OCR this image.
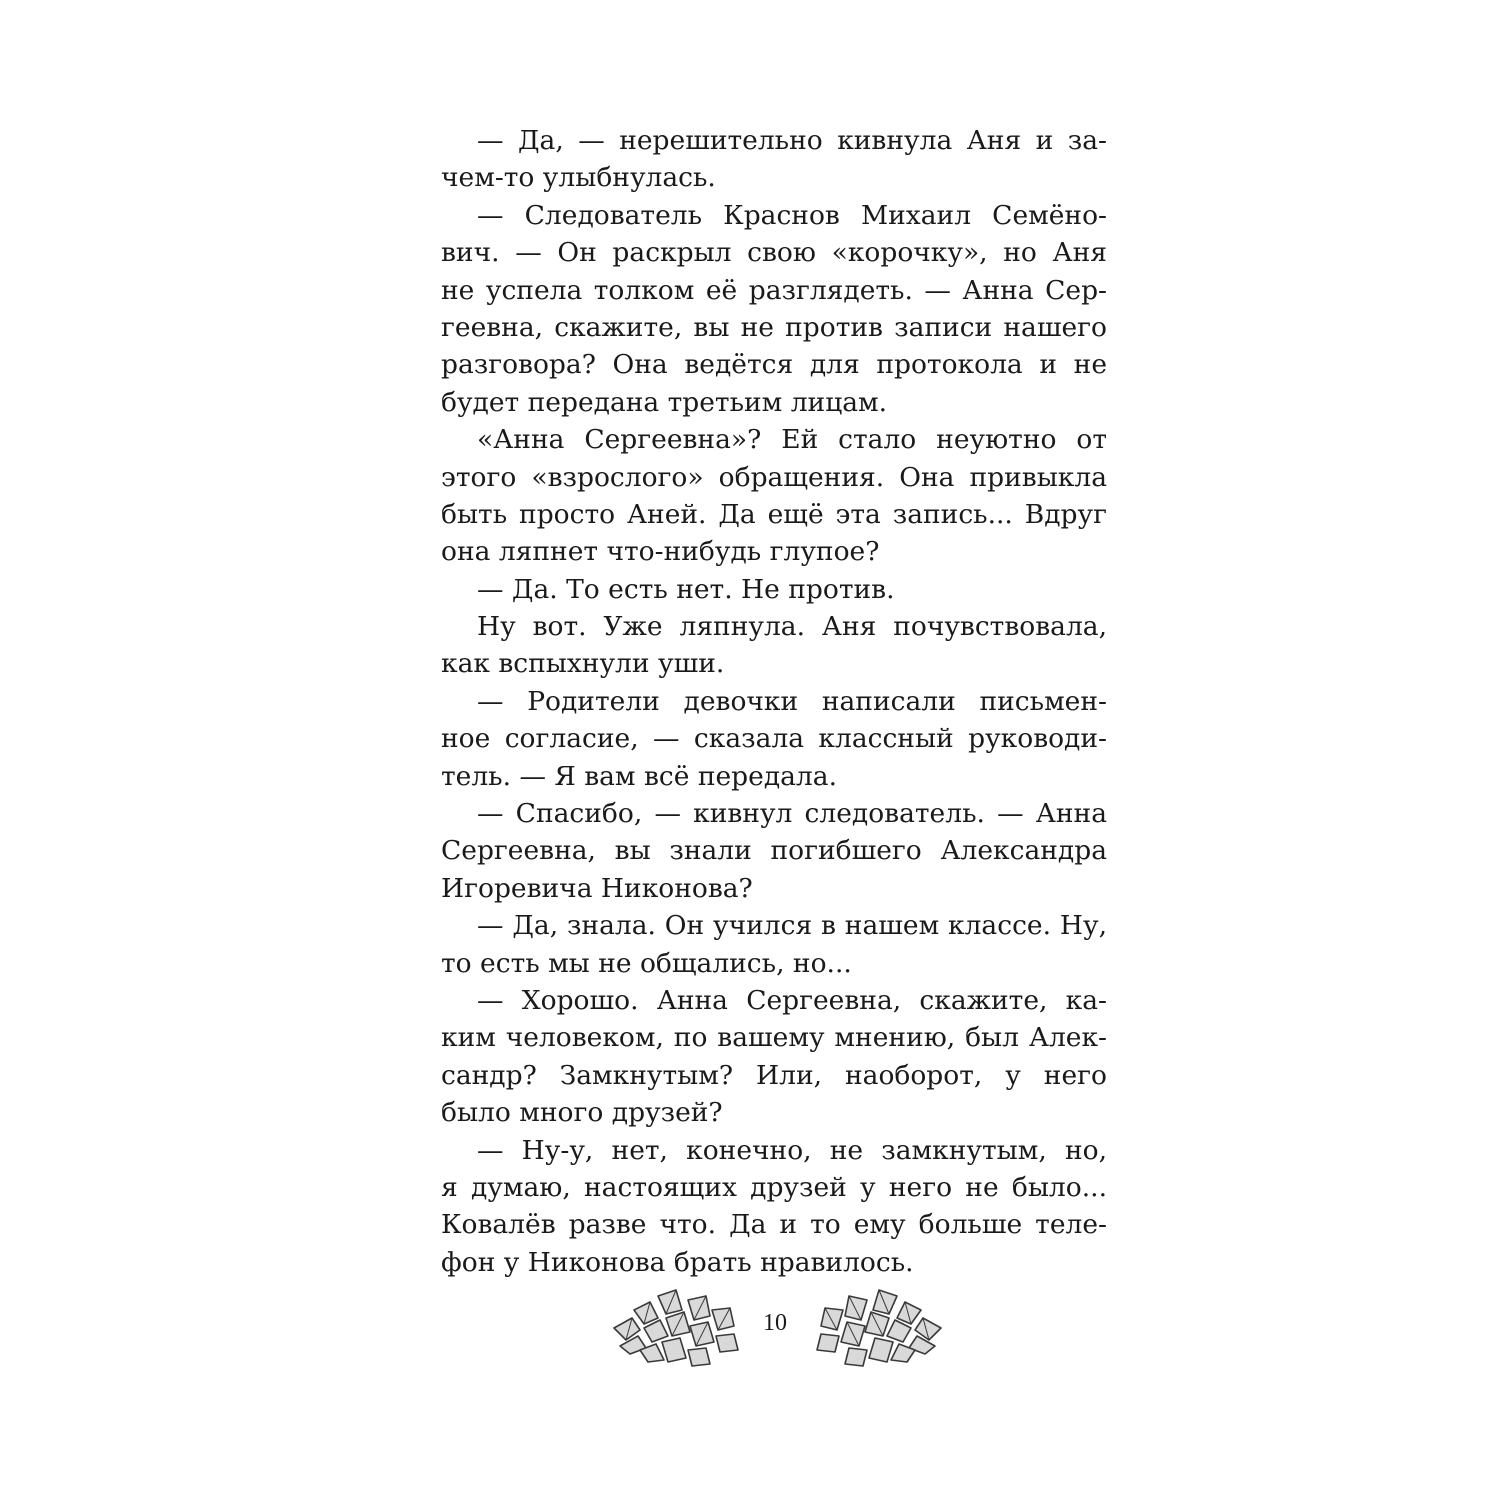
— Да, — нерешительно кивнула Аня и за-
чем-то улыбнулась.
— Следователь Краснов Михаил Семёно-
вич. — Он раскрыл свою «корочку», но Аня
не успела толком её разглядеть. — Анна Сер-
геевна, скажите, вы не против записи нашего
разговора? Она ведётся для протокола и не
будет передана третьим лицам.
«Анна Сергеевна»? Ей стало неуютно от
этого «взрослого» обращения. Она привыкла
быть просто Аней. Да ещё эта запись... Вдруг
она ляпнет что-нибудь глупое?
— Да. То есть нет. Не против.
Ну вот. Уже ляпнула. Аня почувствовала,
как вспыхнули уши.
— Родители девочки написали письмен-
ное согласие, — сказала классный руководи-
тель. — Я вам всё передала.
— Спасибо, — кивнул следователь. — Анна
Сергеевна, вы знали погибшего Александра
Игоревича Никонова?
— Да, знала. Он учился в нашем классе. Ну,
то есть мы не общались, но...
— Хорошо. Анна Сергеевна, скажите, ка-
ким человеком, по вашему мнению, был Алек-
сандр? Замкнутым? Или, наоборот, у него
было много друзей?
— Ну-у, нет, конечно, не замкнутым, но,
я думаю, настоящих друзей у него не было...
Ковалёв разве что. Да и то ему больше теле-
фон у Никонова брать нравилось.
10
